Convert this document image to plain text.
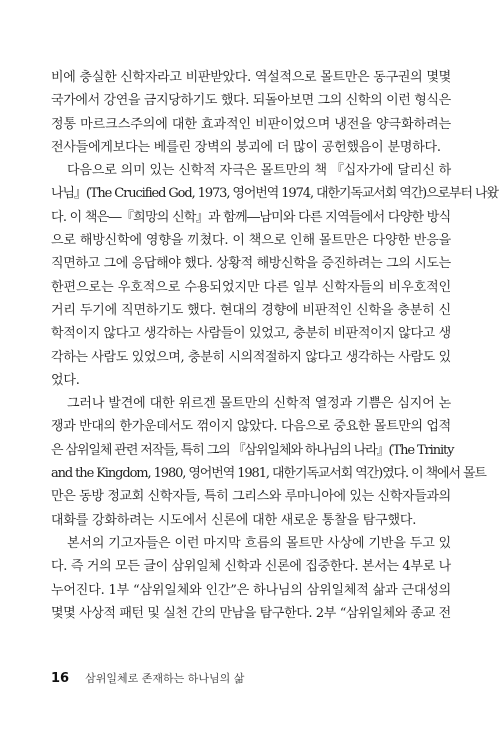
비에 충실한 신학자라고 비판받았다. 역설적으로 몰트만은 동구권의 몇몇
국가에서 강연을 금지당하기도 했다. 되돌아보면 그의 신학의 이런 형식은
정통 마르크스주의에 대한 효과적인 비판이었으며 냉전을 양극화하려는
전사들에게보다는 베를린 장벽의 붕괴에 더 많이 공헌했음이 분명하다.
다음으로 의미 있는 신학적 자극은 몰트만의 책 『십자가에 달리신 하
나님』(The Crucified God, 1973, 영어번역 1974, 대한기독교서회 역간)으로부터 나왔
다. 이 책은―『희망의 신학』과 함께―남미와 다른 지역들에서 다양한 방식
으로 해방신학에 영향을 끼쳤다. 이 책으로 인해 몰트만은 다양한 반응을
직면하고 그에 응답해야 했다. 상황적 해방신학을 증진하려는 그의 시도는
한편으로는 우호적으로 수용되었지만 다른 일부 신학자들의 비우호적인
거리 두기에 직면하기도 했다. 현대의 경향에 비판적인 신학을 충분히 신
학적이지 않다고 생각하는 사람들이 있었고, 충분히 비판적이지 않다고 생
각하는 사람도 있었으며, 충분히 시의적절하지 않다고 생각하는 사람도 있
었다.
그러나 발견에 대한 위르겐 몰트만의 신학적 열정과 기쁨은 심지어 논
쟁과 반대의 한가운데서도 꺾이지 않았다. 다음으로 중요한 몰트만의 업적
은 삼위일체 관련 저작들, 특히 그의 『삼위일체와 하나님의 나라』(The Trinity
and the Kingdom, 1980, 영어번역 1981, 대한기독교서회 역간)였다. 이 책에서 몰트
만은 동방 정교회 신학자들, 특히 그리스와 루마니아에 있는 신학자들과의
대화를 강화하려는 시도에서 신론에 대한 새로운 통찰을 탐구했다.
본서의 기고자들은 이런 마지막 흐름의 몰트만 사상에 기반을 두고 있
다. 즉 거의 모든 글이 삼위일체 신학과 신론에 집중한다. 본서는 4부로 나
누어진다. 1부 “삼위일체와 인간”은 하나님의 삼위일체적 삶과 근대성의
몇몇 사상적 패턴 및 실천 간의 만남을 탐구한다. 2부 “삼위일체와 종교 전
16 삼위일체로 존재하는 하나님의 삶
